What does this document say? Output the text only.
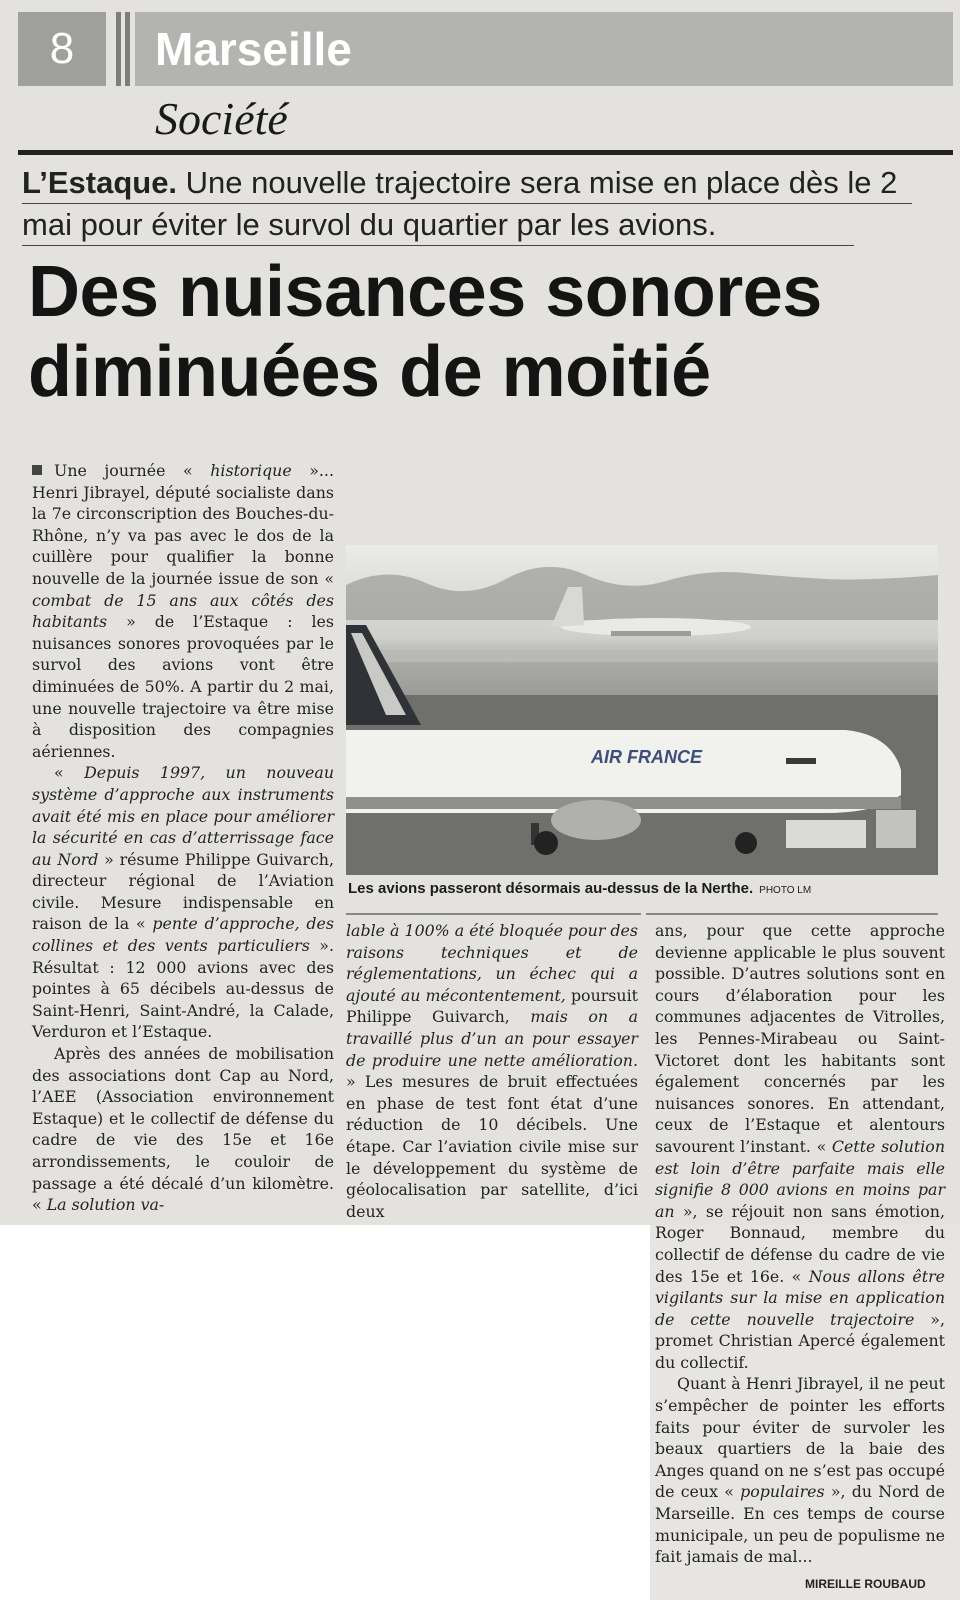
8	Marseille
Société
L’Estaque. Une nouvelle trajectoire sera mise en place dès le 2 mai pour éviter le survol du quartier par les avions.
Des nuisances sonores diminuées de moitié

Une journée « historique »... Henri Jibrayel, député socialiste dans la 7e circonscription des Bouches-du-Rhône, n’y va pas avec le dos de la cuillère pour qualifier la bonne nouvelle de la journée issue de son « combat de 15 ans aux côtés des habitants » de l’Estaque : les nuisances sonores provoquées par le survol des avions vont être diminuées de 50%. A partir du 2 mai, une nouvelle trajectoire va être mise à disposition des compagnies aériennes.

« Depuis 1997, un nouveau système d’approche aux instruments avait été mis en place pour améliorer la sécurité en cas d’atterrissage face au Nord » résume Philippe Guivarch, directeur régional de l’Aviation civile. Mesure indispensable en raison de la « pente d’approche, des collines et des vents particuliers ». Résultat : 12 000 avions avec des pointes à 65 décibels au-dessus de Saint-Henri, Saint-André, la Calade, Verduron et l’Estaque.

Après des années de mobilisation des associations dont Cap au Nord, l’AEE (Association environnement Estaque) et le collectif de défense du cadre de vie des 15e et 16e arrondissements, le couloir de passage a été décalé d’un kilomètre. « La solution va-

AIR FRANCE
Les avions passeront désormais au-dessus de la Nerthe. PHOTO LM

lable à 100% a été bloquée pour des raisons techniques et de réglementations, un échec qui a ajouté au mécontentement, poursuit Philippe Guivarch, mais on a travaillé plus d’un an pour essayer de produire une nette amélioration. » Les mesures de bruit effectuées en phase de test font état d’une réduction de 10 décibels. Une étape. Car l’aviation civile mise sur le développement du système de géolocalisation par satellite, d’ici deux

ans, pour que cette approche devienne applicable le plus souvent possible. D’autres solutions sont en cours d’élaboration pour les communes adjacentes de Vitrolles, les Pennes-Mirabeau ou Saint-Victoret dont les habitants sont également concernés par les nuisances sonores. En attendant, ceux de l’Estaque et alentours savourent l’instant. « Cette solution est loin d’être parfaite mais elle signifie 8 000 avions en moins par an », se réjouit non sans émotion, Roger Bonnaud, membre du collectif de défense du cadre de vie des 15e et 16e. « Nous allons être vigilants sur la mise en application de cette nouvelle trajectoire », promet Christian Apercé également du collectif.

Quant à Henri Jibrayel, il ne peut s’empêcher de pointer les efforts faits pour éviter de survoler les beaux quartiers de la baie des Anges quand on ne s’est pas occupé de ceux « populaires », du Nord de Marseille. En ces temps de course municipale, un peu de populisme ne fait jamais de mal...

MIREILLE ROUBAUD
